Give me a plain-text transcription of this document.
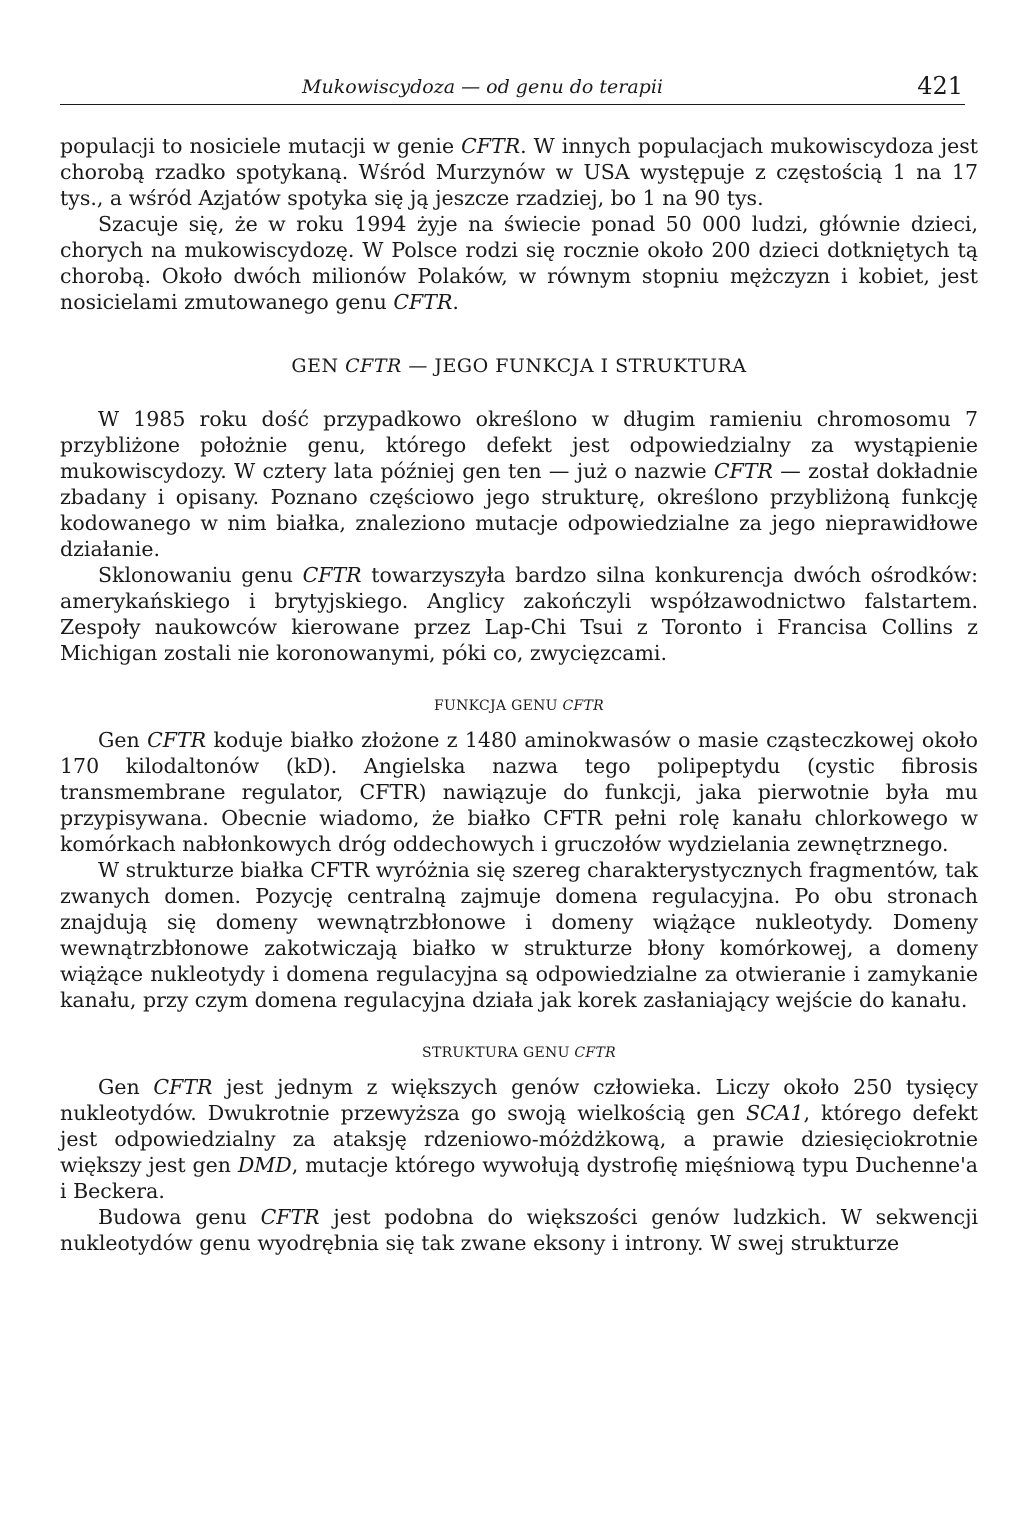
Mukowiscydoza — od genu do terapii	421

populacji to nosiciele mutacji w genie CFTR. W innych populacjach mukowiscydoza jest chorobą rzadko spotykaną. Wśród Murzynów w USA występuje z częstością 1 na 17 tys., a wśród Azjatów spotyka się ją jeszcze rzadziej, bo 1 na 90 tys.

Szacuje się, że w roku 1994 żyje na świecie ponad 50 000 ludzi, głównie dzieci, chorych na mukowiscydozę. W Polsce rodzi się rocznie około 200 dzieci dotkniętych tą chorobą. Około dwóch milionów Polaków, w równym stopniu mężczyzn i kobiet, jest nosicielami zmutowanego genu CFTR.

GEN CFTR — JEGO FUNKCJA I STRUKTURA

W 1985 roku dość przypadkowo określono w długim ramieniu chromosomu 7 przybliżone położnie genu, którego defekt jest odpowiedzialny za wystąpienie mukowiscydozy. W cztery lata później gen ten — już o nazwie CFTR — został dokładnie zbadany i opisany. Poznano częściowo jego strukturę, określono przybliżoną funkcję kodowanego w nim białka, znaleziono mutacje odpowiedzialne za jego nieprawidłowe działanie.

Sklonowaniu genu CFTR towarzyszyła bardzo silna konkurencja dwóch ośrodków: amerykańskiego i brytyjskiego. Anglicy zakończyli współzawodnictwo falstartem. Zespoły naukowców kierowane przez Lap-Chi Tsui z Toronto i Francisa Collins z Michigan zostali nie koronowanymi, póki co, zwycięzcami.

FUNKCJA GENU CFTR

Gen CFTR koduje białko złożone z 1480 aminokwasów o masie cząsteczkowej około 170 kilodaltonów (kD). Angielska nazwa tego polipeptydu (cystic fibrosis transmembrane regulator, CFTR) nawiązuje do funkcji, jaka pierwotnie była mu przypisywana. Obecnie wiadomo, że białko CFTR pełni rolę kanału chlorkowego w komórkach nabłonkowych dróg oddechowych i gruczołów wydzielania zewnętrznego.

W strukturze białka CFTR wyróżnia się szereg charakterystycznych fragmentów, tak zwanych domen. Pozycję centralną zajmuje domena regulacyjna. Po obu stronach znajdują się domeny wewnątrzbłonowe i domeny wiążące nukleotydy. Domeny wewnątrzbłonowe zakotwiczają białko w strukturze błony komórkowej, a domeny wiążące nukleotydy i domena regulacyjna są odpowiedzialne za otwieranie i zamykanie kanału, przy czym domena regulacyjna działa jak korek zasłaniający wejście do kanału.

STRUKTURA GENU CFTR

Gen CFTR jest jednym z większych genów człowieka. Liczy około 250 tysięcy nukleotydów. Dwukrotnie przewyższa go swoją wielkością gen SCA1, którego defekt jest odpowiedzialny za ataksję rdzeniowo-móżdżkową, a prawie dziesięciokrotnie większy jest gen DMD, mutacje którego wywołują dystrofię mięśniową typu Duchenne'a i Beckera.

Budowa genu CFTR jest podobna do większości genów ludzkich. W sekwencji nukleotydów genu wyodrębnia się tak zwane eksony i introny. W swej strukturze
